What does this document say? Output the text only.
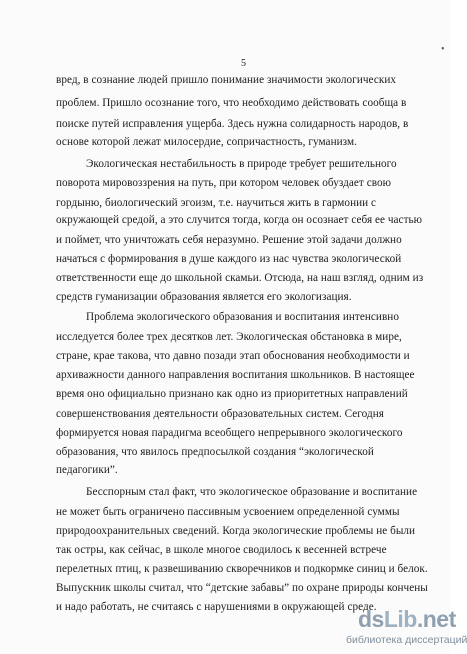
•
5
вред, в сознание людей пришло понимание значимости экологических
проблем. Пришло осознание того, что необходимо действовать сообща в
поиске путей исправления ущерба. Здесь нужна солидарность народов, в
основе которой лежат милосердие, сопричастность, гуманизм.
Экологическая нестабильность в природе требует решительного
поворота мировоззрения на путь, при котором человек обуздает свою
гордыню, биологический эгоизм, т.е. научиться жить в гармонии с
окружающей средой, а это случится тогда, когда он осознает себя ее частью
и поймет, что уничтожать себя неразумно. Решение этой задачи должно
начаться с формирования в душе каждого из нас чувства экологической
ответственности еще до школьной скамьи. Отсюда, на наш взгляд, одним из
средств гуманизации образования является его экологизация.
Проблема экологического образования и воспитания интенсивно
исследуется более трех десятков лет. Экологическая обстановка в мире,
стране, крае такова, что давно позади этап обоснования необходимости и
архиважности данного направления воспитания школьников. В настоящее
время оно официально признано как одно из приоритетных направлений
совершенствования деятельности образовательных систем. Сегодня
формируется новая парадигма всеобщего непрерывного экологического
образования, что явилось предпосылкой создания “экологической
педагогики”.
Бесспорным стал факт, что экологическое образование и воспитание
не может быть ограничено пассивным усвоением определенной суммы
природоохранительных сведений. Когда экологические проблемы не были
так остры, как сейчас, в школе многое сводилось к весенней встрече
перелетных птиц, к развешиванию скворечников и подкормке синиц и белок.
Выпускник школы считал, что “детские забавы” по охране природы кончены
и надо работать, не считаясь с нарушениями в окружающей среде.
dsLib.net
библиотека диссертаций
